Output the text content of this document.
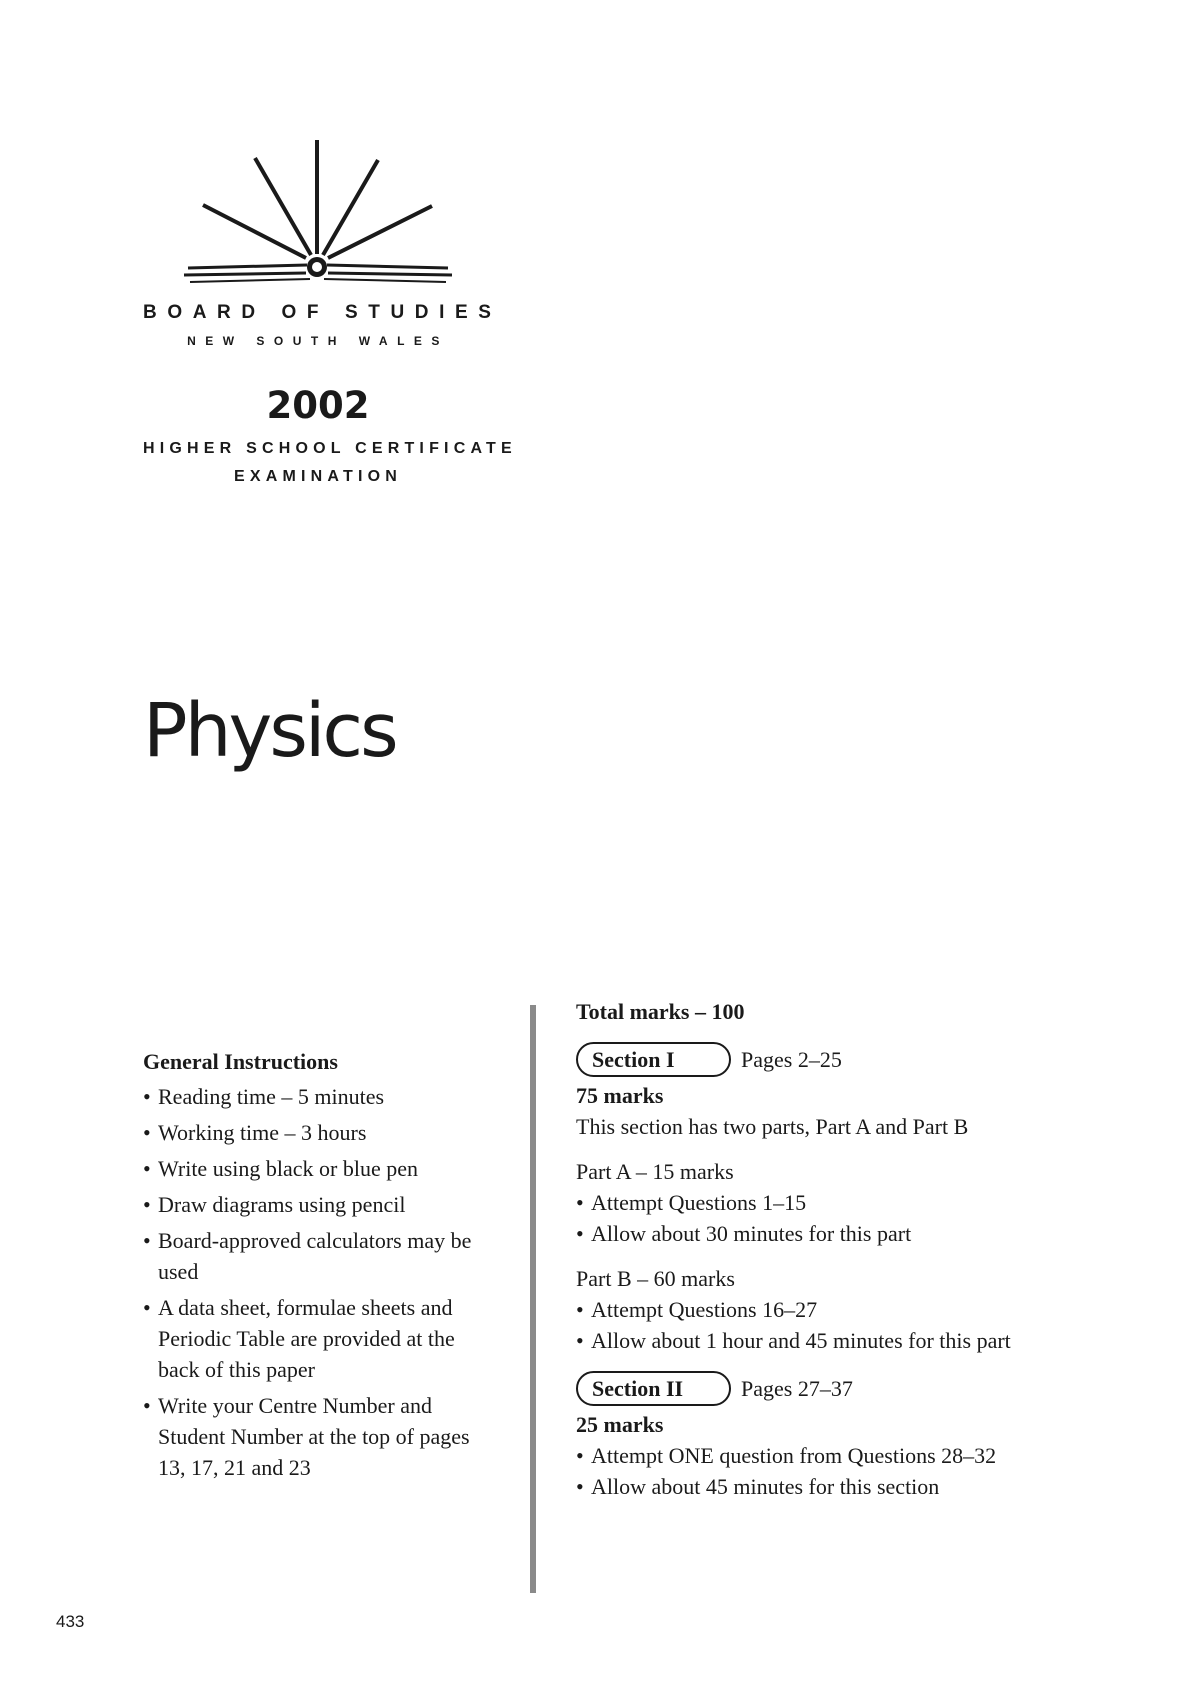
BOARD OF STUDIES
NEW SOUTH WALES
2002
HIGHER SCHOOL CERTIFICATE
EXAMINATION
Physics
General Instructions
• Reading time – 5 minutes
• Working time – 3 hours
• Write using black or blue pen
• Draw diagrams using pencil
• Board-approved calculators may be used
• A data sheet, formulae sheets and Periodic Table are provided at the back of this paper
• Write your Centre Number and Student Number at the top of pages 13, 17, 21 and 23

Total marks – 100

Section I	Pages 2–25

75 marks

This section has two parts, Part A and Part B

Part A – 15 marks

• Attempt Questions 1–15

• Allow about 30 minutes for this part

Part B – 60 marks

• Attempt Questions 16–27

• Allow about 1 hour and 45 minutes for this part

Section II	Pages 27–37

25 marks

• Attempt ONE question from Questions 28–32

• Allow about 45 minutes for this section

433
